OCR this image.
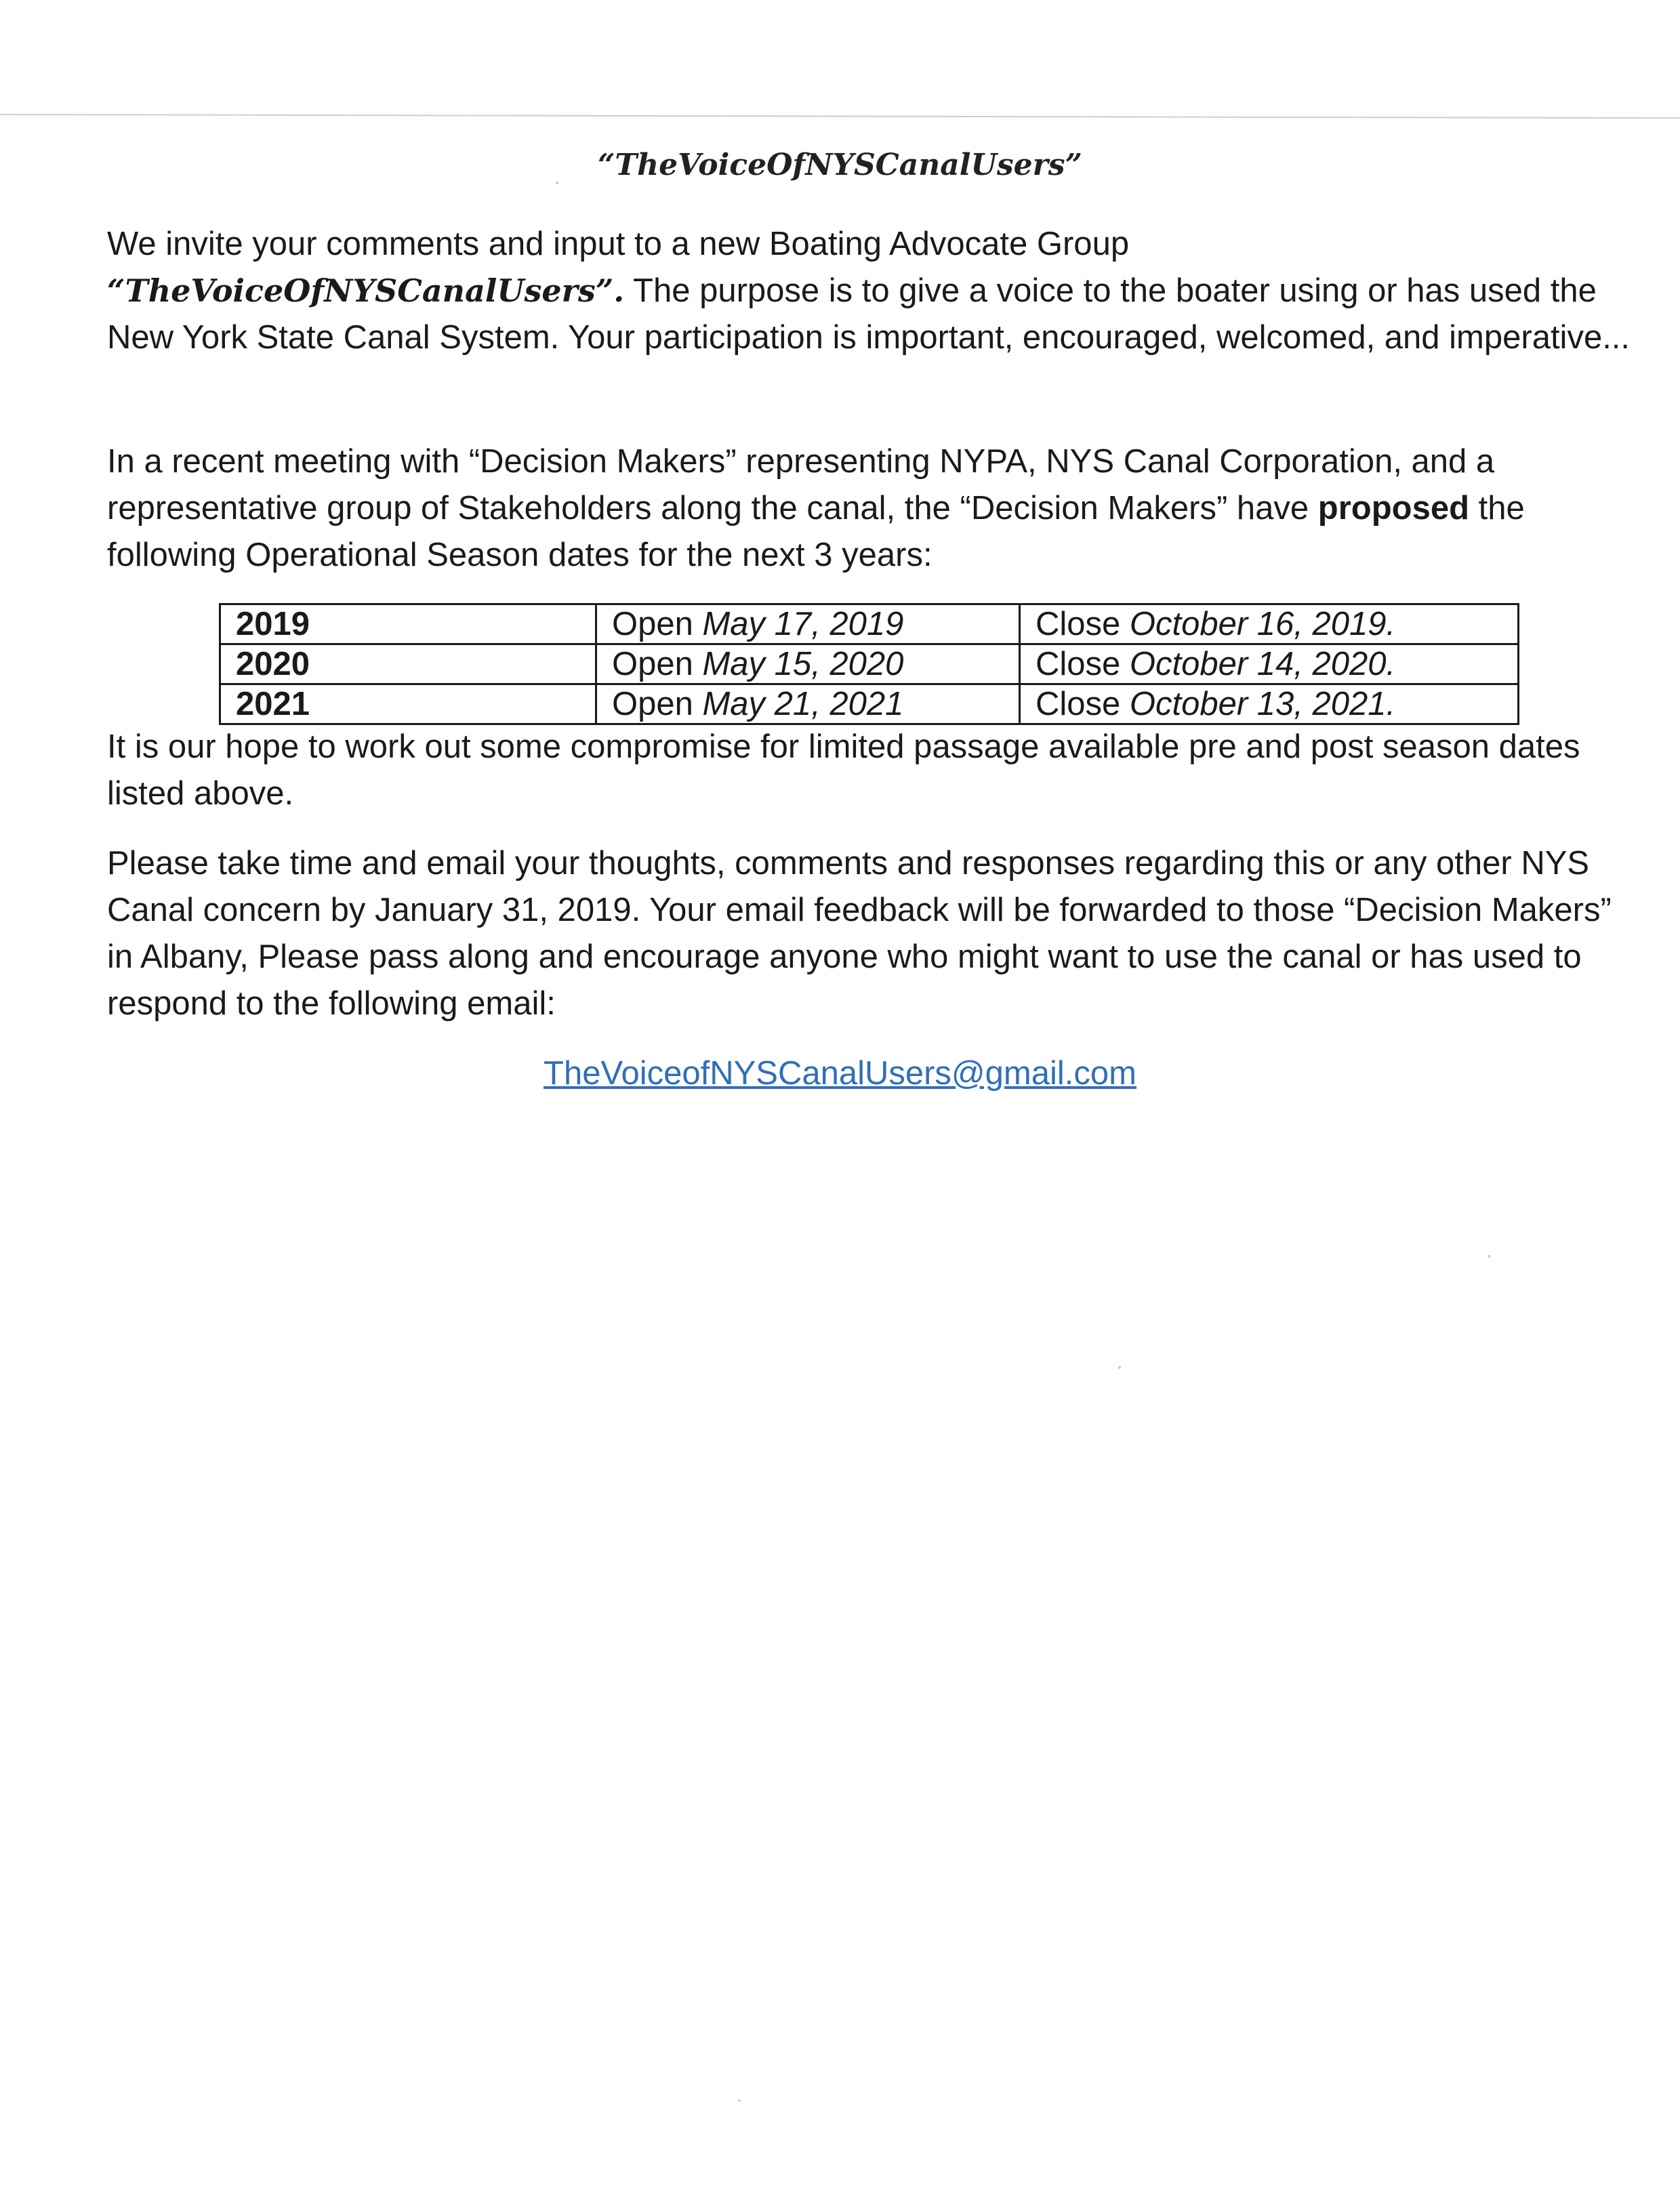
“TheVoiceOfNYSCanalUsers”

We invite your comments and input to a new Boating Advocate Group
“TheVoiceOfNYSCanalUsers”. The purpose is to give a voice to the boater using or has used the New York State Canal System. Your participation is important, encouraged, welcomed, and imperative...

In a recent meeting with “Decision Makers” representing NYPA, NYS Canal Corporation, and a representative group of Stakeholders along the canal, the “Decision Makers” have proposed the following Operational Season dates for the next 3 years:

2019	Open May 17, 2019	Close October 16, 2019.
2020	Open May 15, 2020	Close October 14, 2020.
2021	Open May 21, 2021	Close October 13, 2021.

It is our hope to work out some compromise for limited passage available pre and post season dates listed above.

Please take time and email your thoughts, comments and responses regarding this or any other NYS Canal concern by January 31, 2019. Your email feedback will be forwarded to those “Decision Makers” in Albany, Please pass along and encourage anyone who might want to use the canal or has used to respond to the following email:

TheVoiceofNYSCanalUsers@gmail.com
